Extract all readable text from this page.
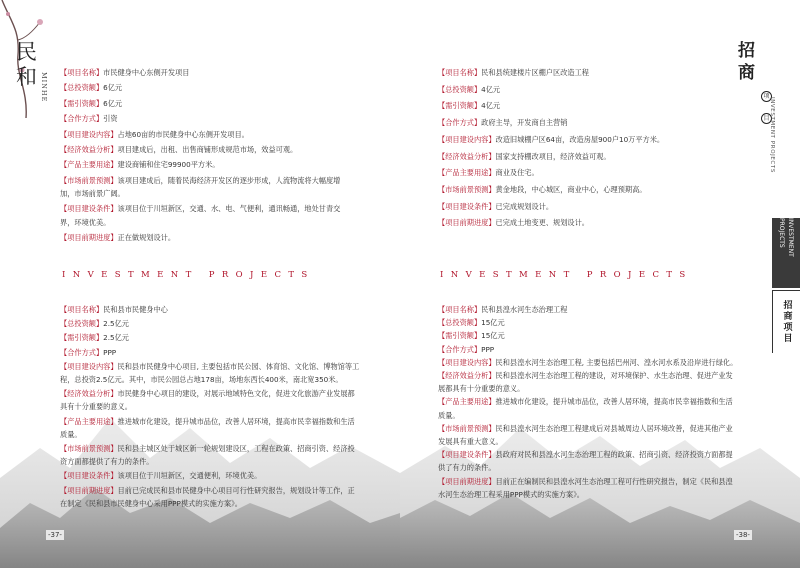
民和 MINHE 【项目名称】市民健身中心东侧开发项目
【总投资额】6亿元
【需引资额】6亿元
【合作方式】引资
【项目建设内容】占地60亩的市民健身中心东侧开发项目。
【经济效益分析】项目建成后，出租、出售商铺形成规范市场，效益可观。
【产品主要用途】建设商铺和住宅99900平方米。
【市场前景预测】该项目建成后，随着民海经济开发区的逐步形成，人流物流将大幅度增加，市场前景广阔。
【项目建设条件】该项目位于川垣新区，交通、水、电、气便利，通讯畅通，地处甘青交界，环境优美。
【项目前期进度】正在做规划设计。
INVESTMENT PROJECTS
【项目名称】民和县市民健身中心
【总投资额】2.5亿元
【需引资额】2.5亿元
【合作方式】PPP
【项目建设内容】民和县市民健身中心项目, 主要包括市民公园、体育馆、文化馆、博物馆等工程，总投资2.5亿元。其中，市民公园总占地178亩，场地东西长400米，南北宽350米。
【经济效益分析】市民健身中心项目的建设，对展示地域特色文化，促进文化旅游产业发展都具有十分重要的意义。
【产品主要用途】推进城市化建设，提升城市品位，改善人居环境，提高市民幸福指数和生活质量。
【市场前景预测】民和县主城区处于城区新一轮规划建设区，工程在政策、招商引资、经济投资方面都提供了有力的条件。
【项目建设条件】该项目位于川垣新区，交通便利，环境优美。
【项目前期进度】目前已完成民和县市民健身中心项目可行性研究报告，规划设计等工作，正在制定《民和县市民健身中心采用PPP模式的实施方案》。
-37-
招
商
项
目 INVESTMENT PROJECTS
INVESTMENT PROJECTS
招商项目
【项目名称】民和县统建楼片区棚户区改造工程
【总投资额】4亿元
【需引资额】4亿元
【合作方式】政府主导，开发商自主营销
【项目建设内容】改造旧城棚户区64亩，改造房屋900户10万平方米。
【经济效益分析】国家支持棚改项目，经济效益可观。
【产品主要用途】商业及住宅。
【市场前景预测】黄金地段，中心城区，商业中心，心理预期高。
【项目建设条件】已完成规划设计。
【项目前期进度】已完成土地变更、规划设计。
INVESTMENT PROJECTS
【项目名称】民和县湟水河生态治理工程
【总投资额】15亿元
【需引资额】15亿元
【合作方式】PPP
【项目建设内容】民和县湟水河生态治理工程, 主要包括巴州河、湟水河水系及沿岸进行绿化。
【经济效益分析】民和县湟水河生态治理工程的建设，对环境保护、水生态治理、促进产业发展都具有十分重要的意义。
【产品主要用途】推进城市化建设，提升城市品位，改善人居环境，提高市民幸福指数和生活质量。
【市场前景预测】民和县湟水河生态治理工程建成后对县城周边人居环境改善，促进其他产业发展具有重大意义。
【项目建设条件】县政府对民和县湟水河生态治理工程的政策、招商引资、经济投资方面都提供了有力的条件。
【项目前期进度】目前正在编制民和县湟水河生态治理工程可行性研究报告，制定《民和县湟水河生态治理工程采用PPP模式的实施方案》。
-38-
